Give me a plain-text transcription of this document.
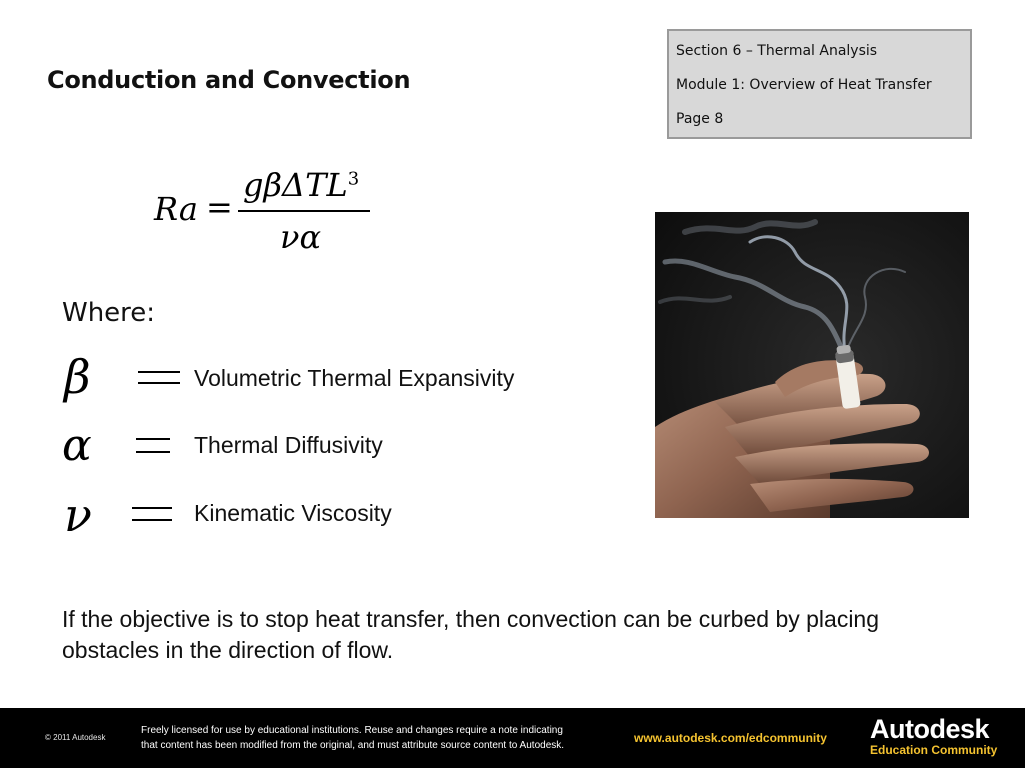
Conduction and Convection
Section 6 – Thermal Analysis
Module 1: Overview of Heat Transfer
Page 8
Ra =
gβΔTL$^3$
να
Where:
β	Volumetric Thermal Expansivity
α	Thermal Diffusivity
ν	Kinematic Viscosity
If the objective is to stop heat transfer, then convection can be curbed by placing obstacles in the direction of flow.
© 2011 Autodesk
Freely licensed for use by educational institutions. Reuse and changes require a note indicating
that content has been modified from the original, and must attribute source content to Autodesk.
www.autodesk.com/edcommunity Autodesk
Education Community
